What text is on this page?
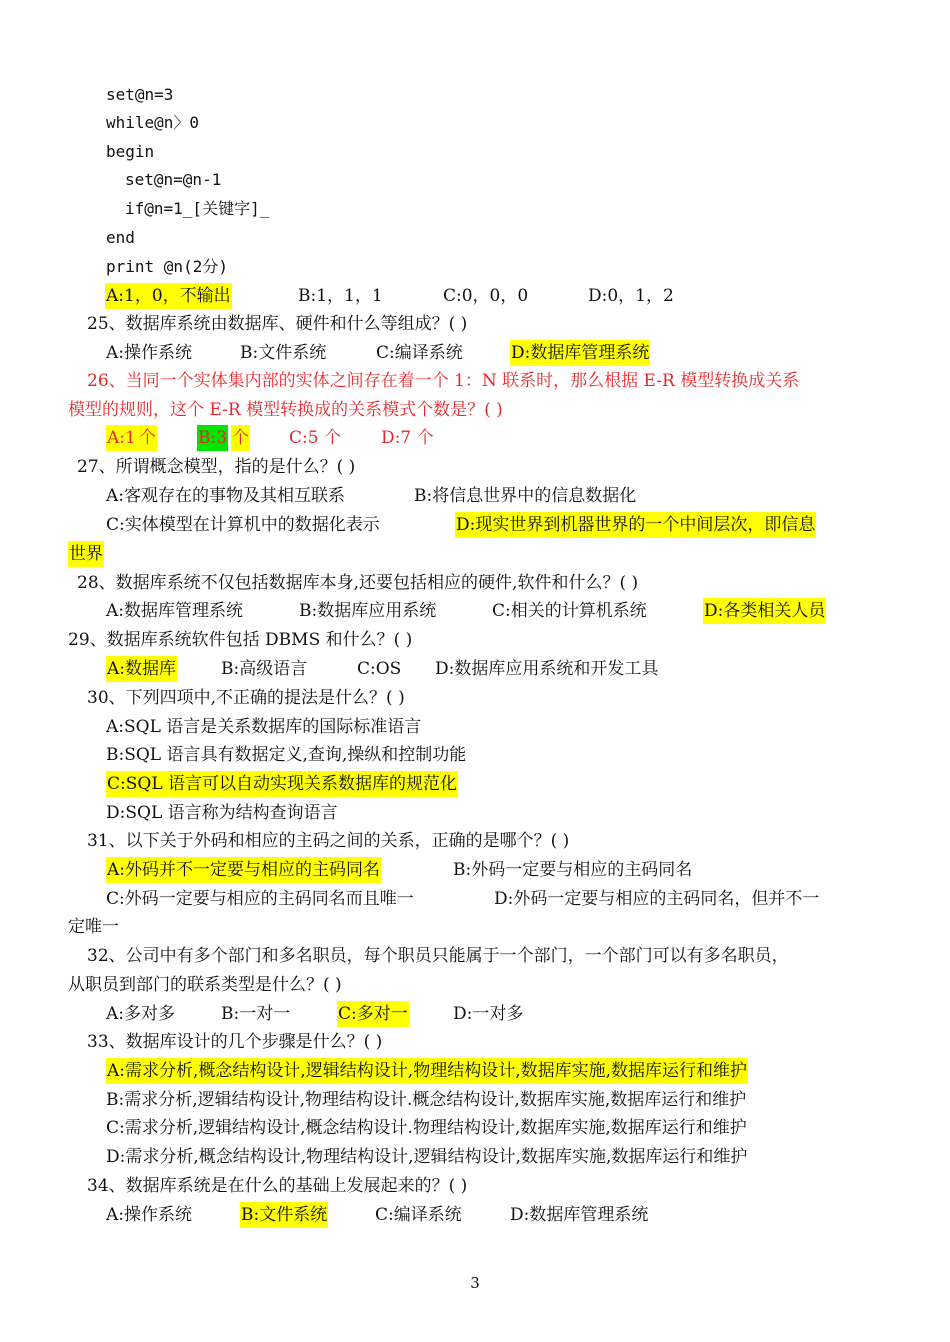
set@n=3
while@n〉0
begin
set@n=@n-1
if@n=1_[关键字]_
end
print @n(2分)
A:1，0，不输出	B:1，1，1	C:0，0，0	D:0，1，2
25、数据库系统由数据库、硬件和什么等组成？( )
A:操作系统	B:文件系统	C:编译系统	D:数据库管理系统
26、当同一个实体集内部的实体之间存在着一个 1：N 联系时，那么根据 E-R 模型转换成关系
模型的规则，这个 E-R 模型转换成的关系模式个数是？( )
A:1 个 B:3 个 C:5 个 D:7 个
27、所谓概念模型，指的是什么？( )
A:客观存在的事物及其相互联系	B:将信息世界中的信息数据化
C:实体模型在计算机中的数据化表示	D:现实世界到机器世界的一个中间层次，即信息
世界
28、数据库系统不仅包括数据库本身,还要包括相应的硬件,软件和什么？( )
A:数据库管理系统	B:数据库应用系统	C:相关的计算机系统	D:各类相关人员
29、数据库系统软件包括 DBMS 和什么？( )
A:数据库	B:高级语言	C:OS D:数据库应用系统和开发工具
30、下列四项中,不正确的提法是什么？( )
A:SQL 语言是关系数据库的国际标准语言
B:SQL 语言具有数据定义,查询,操纵和控制功能
C:SQL 语言可以自动实现关系数据库的规范化
D:SQL 语言称为结构查询语言
31、以下关于外码和相应的主码之间的关系，正确的是哪个？( )
A:外码并不一定要与相应的主码同名	B:外码一定要与相应的主码同名
C:外码一定要与相应的主码同名而且唯一	D:外码一定要与相应的主码同名，但并不一
定唯一
32、公司中有多个部门和多名职员，每个职员只能属于一个部门，一个部门可以有多名职员，
从职员到部门的联系类型是什么？( )
A:多对多	B:一对一	C:多对一	D:一对多
33、数据库设计的几个步骤是什么？( )
A:需求分析,概念结构设计,逻辑结构设计,物理结构设计,数据库实施,数据库运行和维护
B:需求分析,逻辑结构设计,物理结构设计.概念结构设计,数据库实施,数据库运行和维护
C:需求分析,逻辑结构设计,概念结构设计.物理结构设计,数据库实施,数据库运行和维护
D:需求分析,概念结构设计,物理结构设计,逻辑结构设计,数据库实施,数据库运行和维护
34、数据库系统是在什么的基础上发展起来的？( )
A:操作系统	B:文件系统	C:编译系统	D:数据库管理系统
3
